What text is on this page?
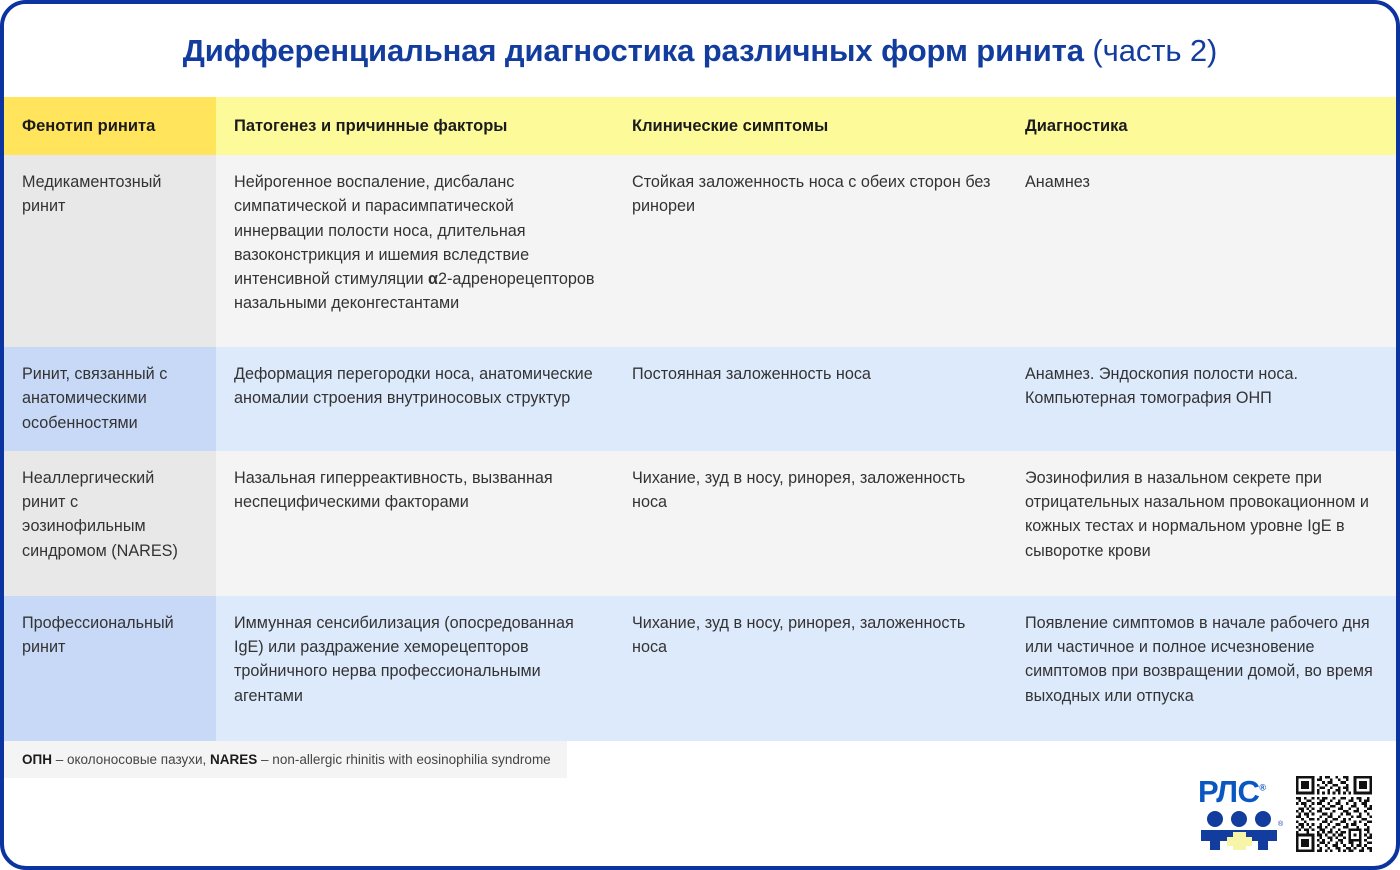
Дифференциальная диагностика различных форм ринита (часть 2)
Фенотип ринита	Патогенез и причинные факторы	Клинические симптомы	Диагностика
Медикаментозный ринит	Нейрогенное воспаление, дисбаланс симпатической и парасимпатической иннервации полости носа, длительная вазоконстрикция и ишемия вследствие интенсивной стимуляции α2-адренорецепторов назальными деконгестантами	Стойкая заложенность носа с обеих сторон без ринореи	Анамнез
Ринит, связанный с анатомическими особенностями	Деформация перегородки носа, анатомические аномалии строения внутриносовых структур	Постоянная заложенность носа	Анамнез. Эндоскопия полости носа. Компьютерная томография ОНП
Неаллергический ринит с эозинофильным синдромом (NARES)	Назальная гиперреактивность, вызванная неспецифическими факторами	Чихание, зуд в носу, ринорея, заложенность носа	Эозинофилия в назальном секрете при отрицательных назальном провокационном и кожных тестах и нормальном уровне IgE в сыворотке крови
Профессиональный ринит	Иммунная сенсибилизация (опосредованная IgE) или раздражение хеморецепторов тройничного нерва профессиональными агентами	Чихание, зуд в носу, ринорея, заложенность носа	Появление симптомов в начале рабочего дня или частичное и полное исчезновение симптомов при возвращении домой, во время выходных или отпуска
ОПН – околоносовые пазухи, NARES – non-allergic rhinitis with eosinophilia syndrome
РЛС®
®
